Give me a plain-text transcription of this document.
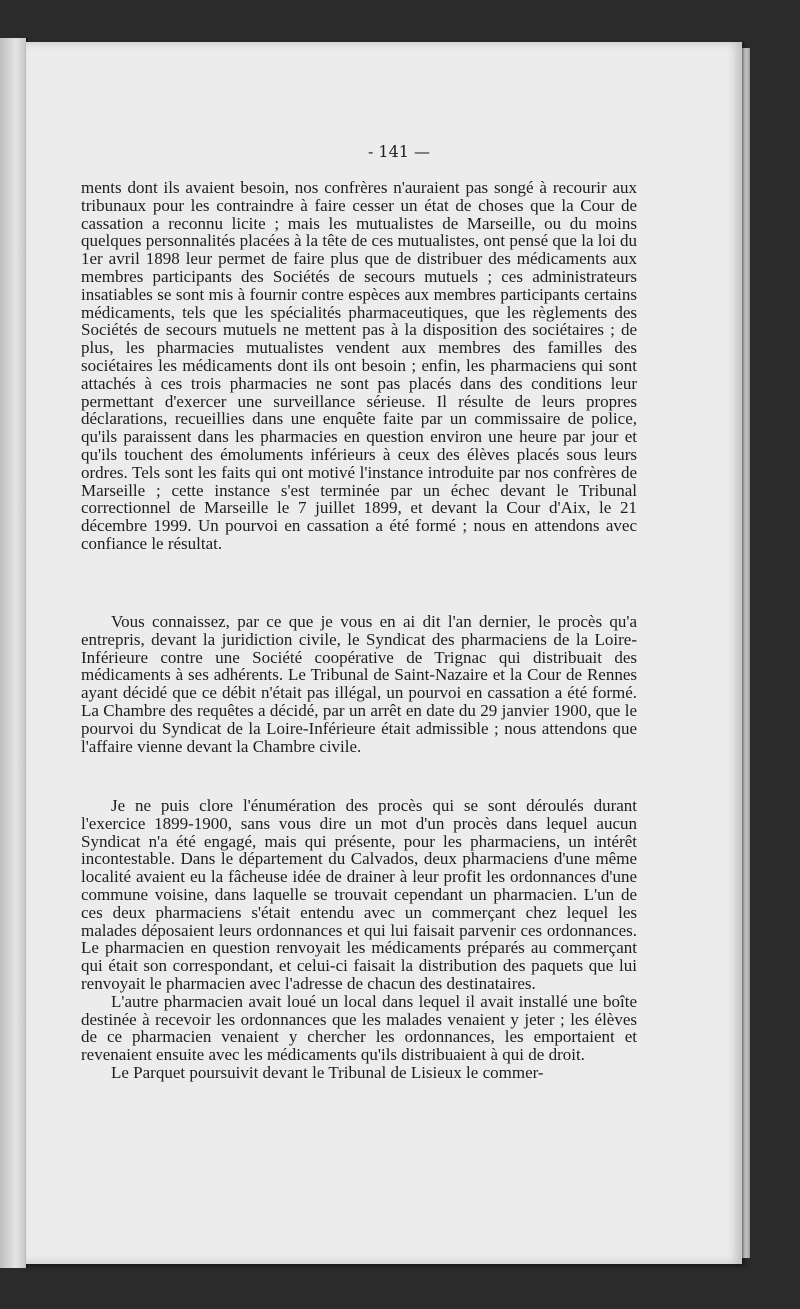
- 141 —

ments dont ils avaient besoin, nos confrères n'auraient pas songé à recourir aux tribunaux pour les contraindre à faire cesser un état de choses que la Cour de cassation a reconnu licite ; mais les mutualistes de Marseille, ou du moins quelques personnalités placées à la tête de ces mutualistes, ont pensé que la loi du 1er avril 1898 leur permet de faire plus que de distribuer des médicaments aux membres participants des Sociétés de secours mutuels ; ces administrateurs insatiables se sont mis à fournir contre espèces aux membres participants certains médicaments, tels que les spécialités pharmaceutiques, que les règlements des Sociétés de secours mutuels ne mettent pas à la disposition des sociétaires ; de plus, les pharmacies mutualistes vendent aux membres des familles des sociétaires les médicaments dont ils ont besoin ; enfin, les pharmaciens qui sont attachés à ces trois pharmacies ne sont pas placés dans des conditions leur permettant d'exercer une surveillance sérieuse. Il résulte de leurs propres déclarations, recueillies dans une enquête faite par un commissaire de police, qu'ils paraissent dans les pharmacies en question environ une heure par jour et qu'ils touchent des émoluments inférieurs à ceux des élèves placés sous leurs ordres. Tels sont les faits qui ont motivé l'instance introduite par nos confrères de Marseille ; cette instance s'est terminée par un échec devant le Tribunal correctionnel de Marseille le 7 juillet 1899, et devant la Cour d'Aix, le 21 décembre 1999. Un pourvoi en cassation a été formé ; nous en attendons avec confiance le résultat.

Vous connaissez, par ce que je vous en ai dit l'an dernier, le procès qu'a entrepris, devant la juridiction civile, le Syndicat des pharmaciens de la Loire-Inférieure contre une Société coopérative de Trignac qui distribuait des médicaments à ses adhérents. Le Tribunal de Saint-Nazaire et la Cour de Rennes ayant décidé que ce débit n'était pas illégal, un pourvoi en cassation a été formé. La Chambre des requêtes a décidé, par un arrêt en date du 29 janvier 1900, que le pourvoi du Syndicat de la Loire-Inférieure était admissible ; nous attendons que l'affaire vienne devant la Chambre civile.

Je ne puis clore l'énumération des procès qui se sont déroulés durant l'exercice 1899-1900, sans vous dire un mot d'un procès dans lequel aucun Syndicat n'a été engagé, mais qui présente, pour les pharmaciens, un intérêt incontestable. Dans le département du Calvados, deux pharmaciens d'une même localité avaient eu la fâcheuse idée de drainer à leur profit les ordonnances d'une commune voisine, dans laquelle se trouvait cependant un pharmacien. L'un de ces deux pharmaciens s'était entendu avec un commerçant chez lequel les malades déposaient leurs ordonnances et qui lui faisait parvenir ces ordonnances. Le pharmacien en question renvoyait les médicaments préparés au commerçant qui était son correspondant, et celui-ci faisait la distribution des paquets que lui renvoyait le pharmacien avec l'adresse de chacun des destinataires.

L'autre pharmacien avait loué un local dans lequel il avait installé une boîte destinée à recevoir les ordonnances que les malades venaient y jeter ; les élèves de ce pharmacien venaient y chercher les ordonnances, les emportaient et revenaient ensuite avec les médicaments qu'ils distribuaient à qui de droit.

Le Parquet poursuivit devant le Tribunal de Lisieux le commer-
